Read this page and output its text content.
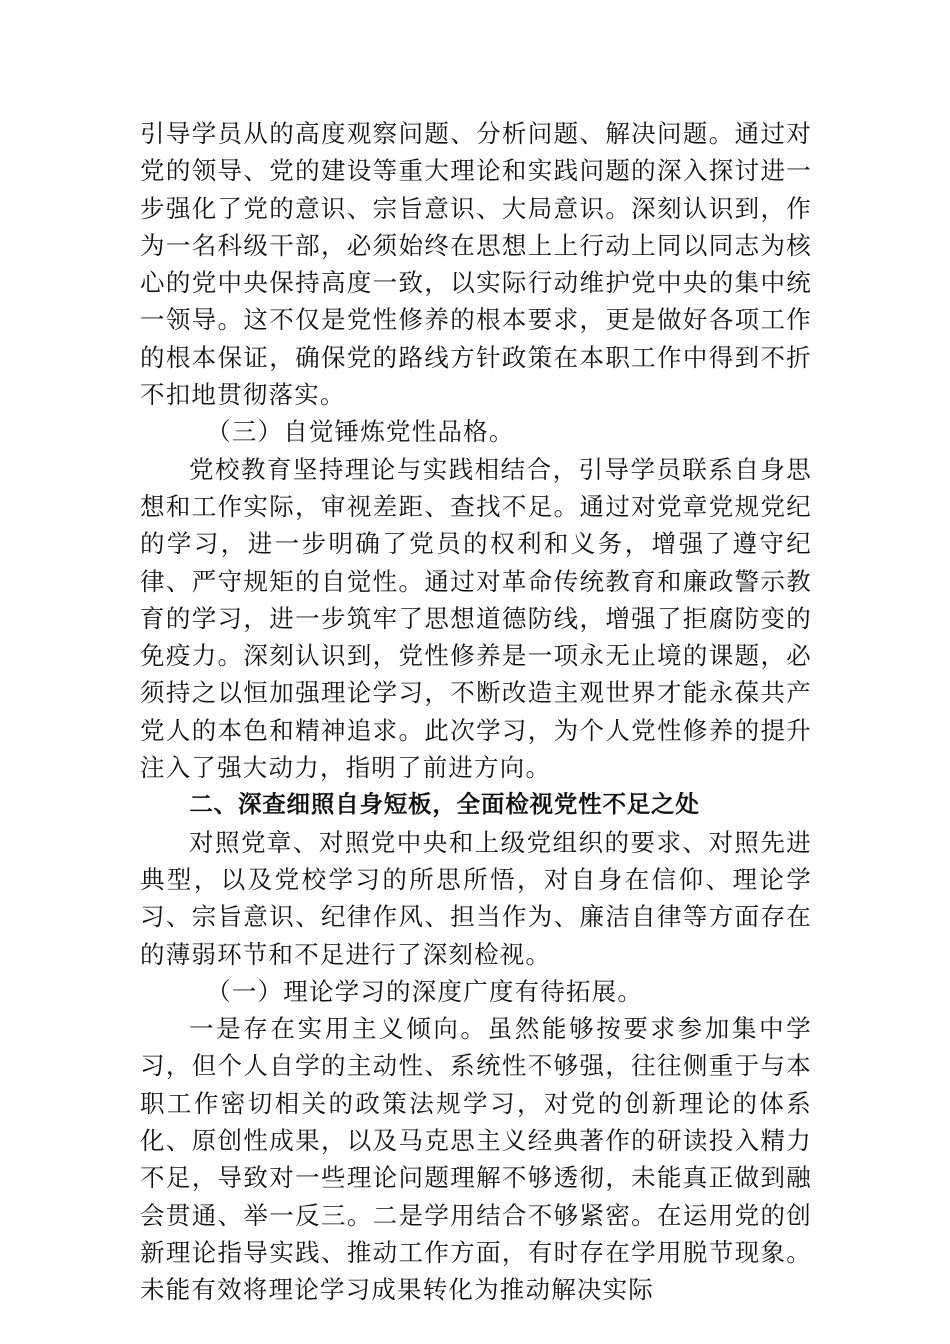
引导学员从的高度观察问题、分析问题、解决问题。通过对党的领导、党的建设等重大理论和实践问题的深入探讨进一步强化了党的意识、宗旨意识、大局意识。深刻认识到，作为一名科级干部，必须始终在思想上上行动上同以同志为核心的党中央保持高度一致，以实际行动维护党中央的集中统一领导。这不仅是党性修养的根本要求，更是做好各项工作的根本保证，确保党的路线方针政策在本职工作中得到不折不扣地贯彻落实。

（三）自觉锤炼党性品格。

党校教育坚持理论与实践相结合，引导学员联系自身思想和工作实际，审视差距、查找不足。通过对党章党规党纪的学习，进一步明确了党员的权利和义务，增强了遵守纪律、严守规矩的自觉性。通过对革命传统教育和廉政警示教育的学习，进一步筑牢了思想道德防线，增强了拒腐防变的免疫力。深刻认识到，党性修养是一项永无止境的课题，必须持之以恒加强理论学习，不断改造主观世界才能永葆共产党人的本色和精神追求。此次学习，为个人党性修养的提升注入了强大动力，指明了前进方向。

二、深查细照自身短板，全面检视党性不足之处

对照党章、对照党中央和上级党组织的要求、对照先进典型，以及党校学习的所思所悟，对自身在信仰、理论学习、宗旨意识、纪律作风、担当作为、廉洁自律等方面存在的薄弱环节和不足进行了深刻检视。

（一）理论学习的深度广度有待拓展。

一是存在实用主义倾向。虽然能够按要求参加集中学习，但个人自学的主动性、系统性不够强，往往侧重于与本职工作密切相关的政策法规学习，对党的创新理论的体系化、原创性成果，以及马克思主义经典著作的研读投入精力不足，导致对一些理论问题理解不够透彻，未能真正做到融会贯通、举一反三。二是学用结合不够紧密。在运用党的创新理论指导实践、推动工作方面，有时存在学用脱节现象。未能有效将理论学习成果转化为推动解决实际
